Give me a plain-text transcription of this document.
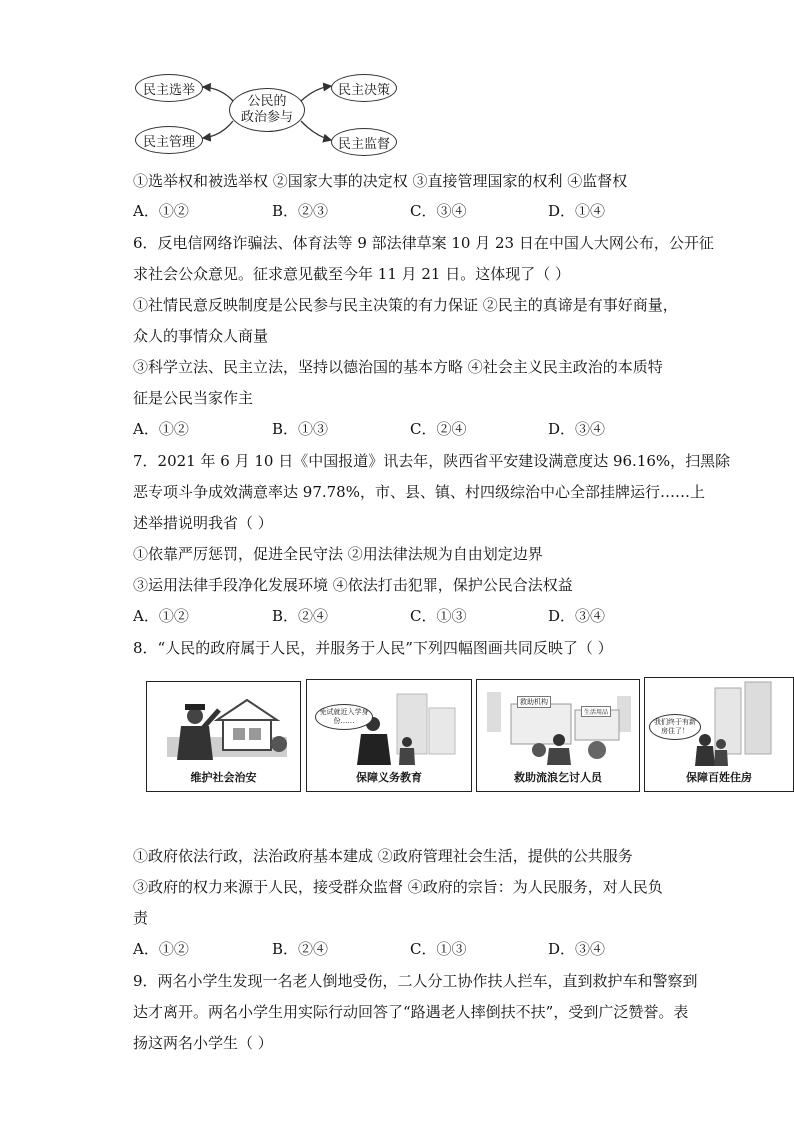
民主选举
民主管理
民主决策
民主监督
公民的
政治参与
①选举权和被选举权 ②国家大事的决定权 ③直接管理国家的权利 ④监督权
A．①②	B．②③	C．③④	D．①④
6．反电信网络诈骗法、体育法等 9 部法律草案 10 月 23 日在中国人大网公布，公开征
求社会公众意见。征求意见截至今年 11 月 21 日。这体现了（ ）
①社情民意反映制度是公民参与民主决策的有力保证 ②民主的真谛是有事好商量，
众人的事情众人商量
③科学立法、民主立法，坚持以德治国的基本方略 ④社会主义民主政治的本质特
征是公民当家作主
A．①②	B．①③	C．②④	D．③④
7．2021 年 6 月 10 日《中国报道》讯去年，陕西省平安建设满意度达 96.16%，扫黑除
恶专项斗争成效满意率达 97.78%，市、县、镇、村四级综治中心全部挂牌运行……上
述举措说明我省（ ）
①依靠严厉惩罚，促进全民守法 ②用法律法规为自由划定边界
③运用法律手段净化发展环境 ④依法打击犯罪，保护公民合法权益
A．①②	B．②④	C．①③	D．③④
8．“人民的政府属于人民，并服务于人民”下列四幅图画共同反映了（ ）
维护社会治安
免试就近入学身份……
保障义务教育
救助机构
生活用品
救助流浪乞讨人员
我们终于有新房住了！
保障百姓住房
①政府依法行政，法治政府基本建成 ②政府管理社会生活，提供的公共服务
③政府的权力来源于人民，接受群众监督 ④政府的宗旨：为人民服务，对人民负
责
A．①②	B．②④	C．①③	D．③④
9．两名小学生发现一名老人倒地受伤，二人分工协作扶人拦车，直到救护车和警察到
达才离开。两名小学生用实际行动回答了“路遇老人摔倒扶不扶”，受到广泛赞誉。表
扬这两名小学生（ ）
